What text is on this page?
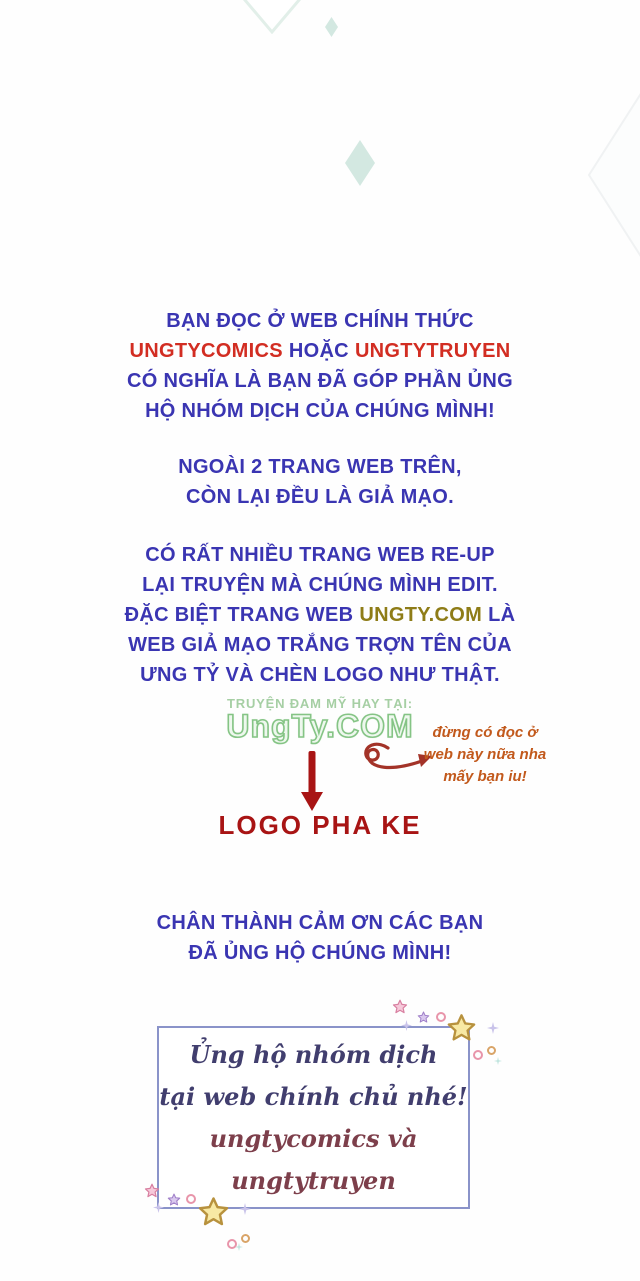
BẠN ĐỌC Ở WEB CHÍNH THỨC
UNGTYCOMICS HOẶC UNGTYTRUYEN
CÓ NGHĨA LÀ BẠN ĐÃ GÓP PHẦN ỦNG
HỘ NHÓM DỊCH CỦA CHÚNG MÌNH!
NGOÀI 2 TRANG WEB TRÊN,
CÒN LẠI ĐỀU LÀ GIẢ MẠO.
CÓ RẤT NHIỀU TRANG WEB RE-UP
LẠI TRUYỆN MÀ CHÚNG MÌNH EDIT.
ĐẶC BIỆT TRANG WEB UNGTY.COM LÀ
WEB GIẢ MẠO TRẮNG TRỢN TÊN CỦA
ƯNG TỶ VÀ CHÈN LOGO NHƯ THẬT.
TRUYỆN ĐAM MỸ HAY TẠI:
UngTy.COM	đừng có đọc ở
web này nữa nha
mấy bạn iu!
LOGO PHA KE
CHÂN THÀNH CẢM ƠN CÁC BẠN
ĐÃ ỦNG HỘ CHÚNG MÌNH!
Ủng hộ nhóm dịch
tại web chính chủ nhé!
ungtycomics và ungtytruyen
